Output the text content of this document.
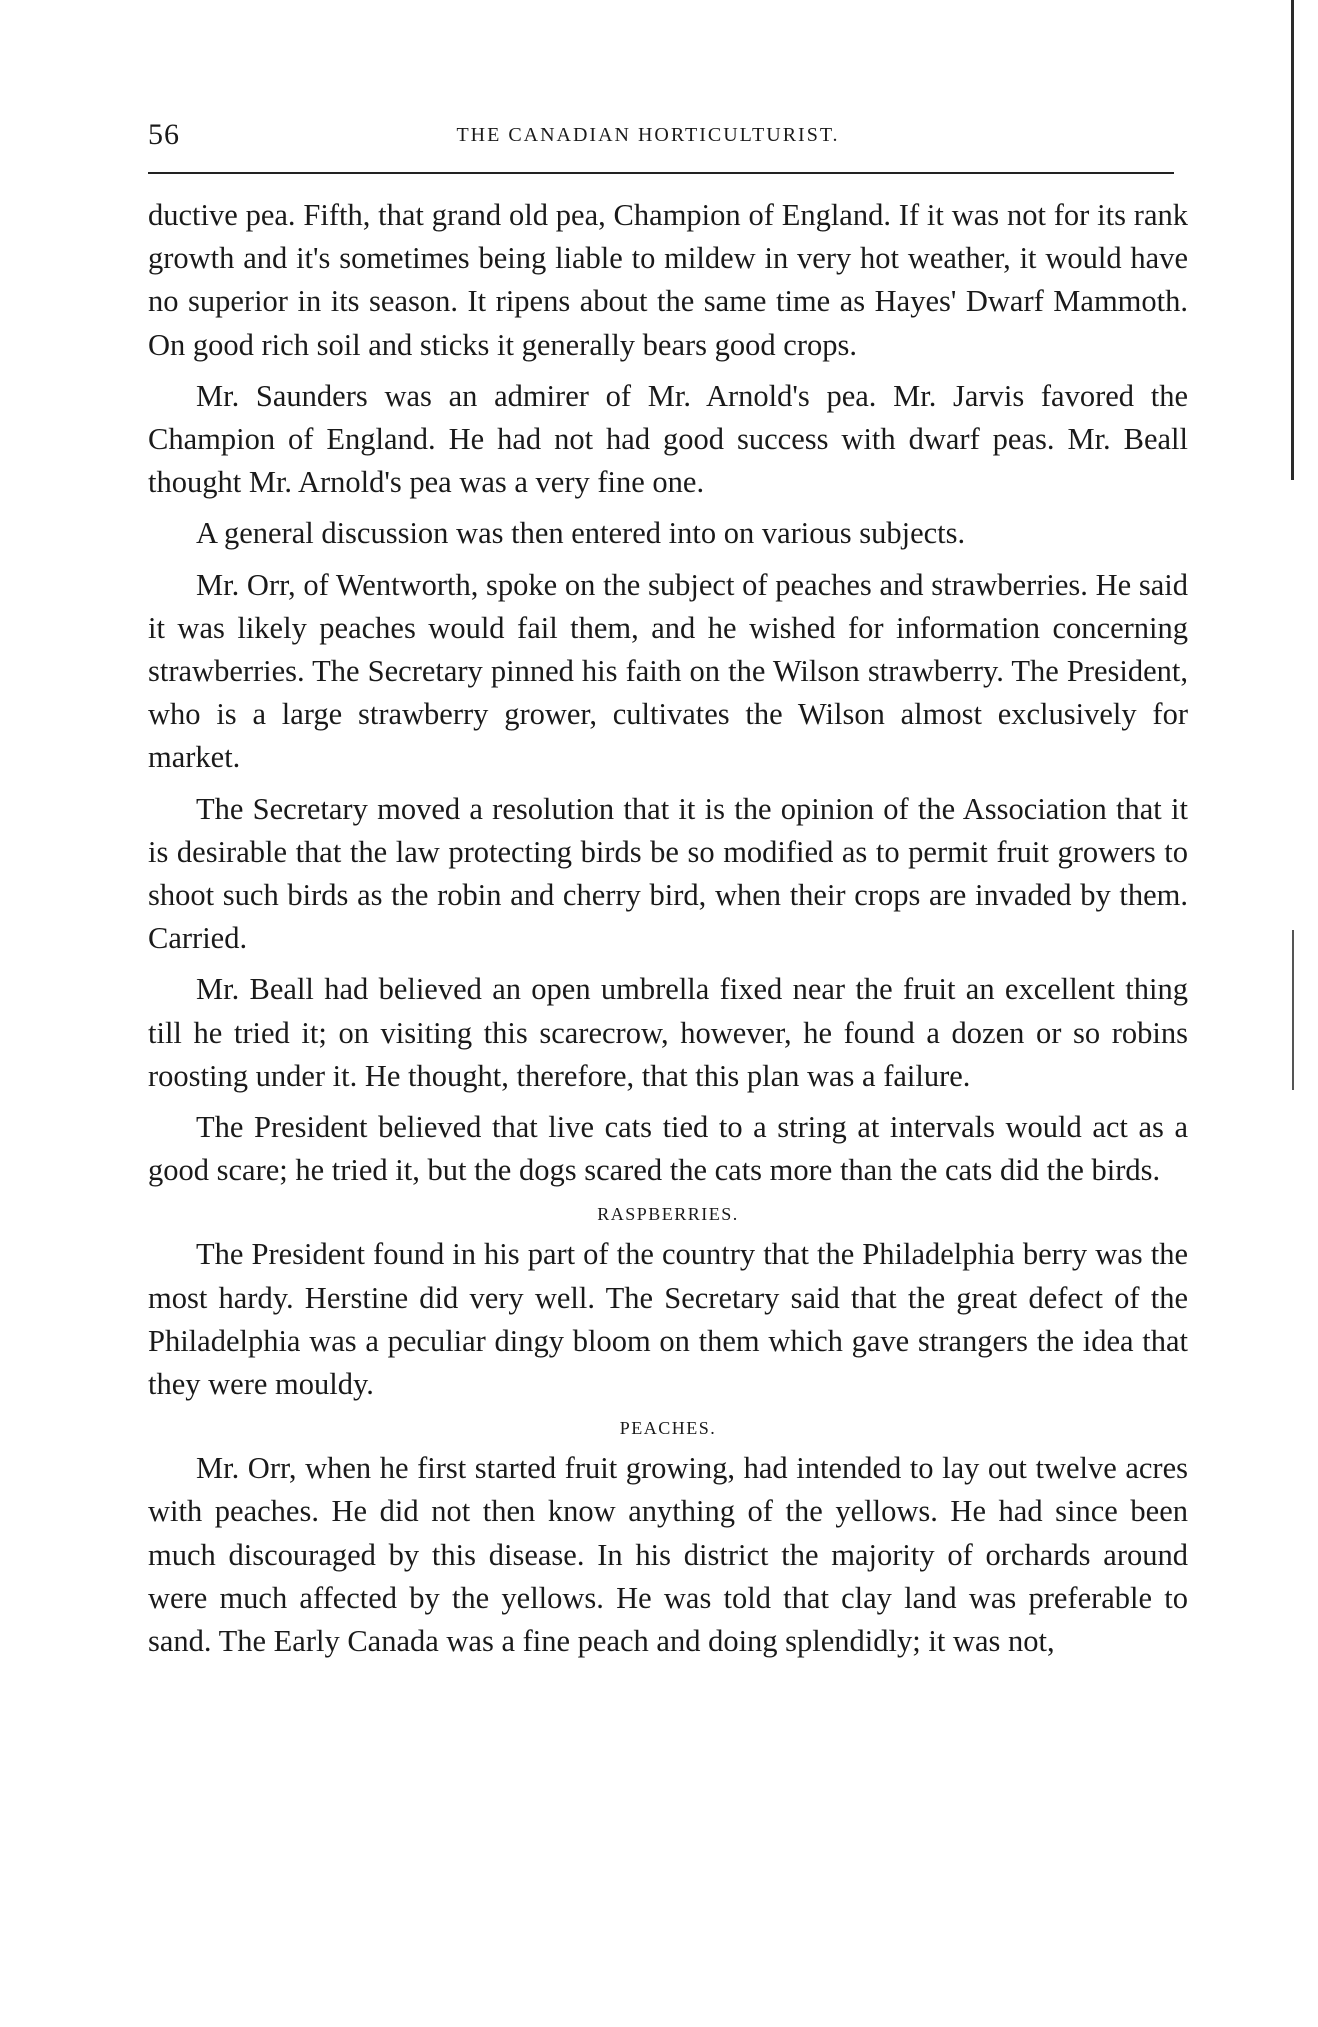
56	THE CANADIAN HORTICULTURIST.

ductive pea. Fifth, that grand old pea, Champion of England. If it was not for its rank growth and it's sometimes being liable to mildew in very hot weather, it would have no superior in its season. It ripens about the same time as Hayes' Dwarf Mammoth. On good rich soil and sticks it generally bears good crops.

Mr. Saunders was an admirer of Mr. Arnold's pea. Mr. Jarvis favored the Champion of England. He had not had good success with dwarf peas. Mr. Beall thought Mr. Arnold's pea was a very fine one.

A general discussion was then entered into on various subjects.

Mr. Orr, of Wentworth, spoke on the subject of peaches and strawberries. He said it was likely peaches would fail them, and he wished for information concerning strawberries. The Secretary pinned his faith on the Wilson strawberry. The President, who is a large strawberry grower, cultivates the Wilson almost exclusively for market.

The Secretary moved a resolution that it is the opinion of the Association that it is desirable that the law protecting birds be so modified as to permit fruit growers to shoot such birds as the robin and cherry bird, when their crops are invaded by them. Carried.

Mr. Beall had believed an open umbrella fixed near the fruit an excellent thing till he tried it; on visiting this scarecrow, however, he found a dozen or so robins roosting under it. He thought, therefore, that this plan was a failure.

The President believed that live cats tied to a string at intervals would act as a good scare; he tried it, but the dogs scared the cats more than the cats did the birds.

RASPBERRIES.

The President found in his part of the country that the Philadelphia berry was the most hardy. Herstine did very well. The Secretary said that the great defect of the Philadelphia was a peculiar dingy bloom on them which gave strangers the idea that they were mouldy.

PEACHES.

Mr. Orr, when he first started fruit growing, had intended to lay out twelve acres with peaches. He did not then know anything of the yellows. He had since been much discouraged by this disease. In his district the majority of orchards around were much affected by the yellows. He was told that clay land was preferable to sand. The Early Canada was a fine peach and doing splendidly; it was not,
